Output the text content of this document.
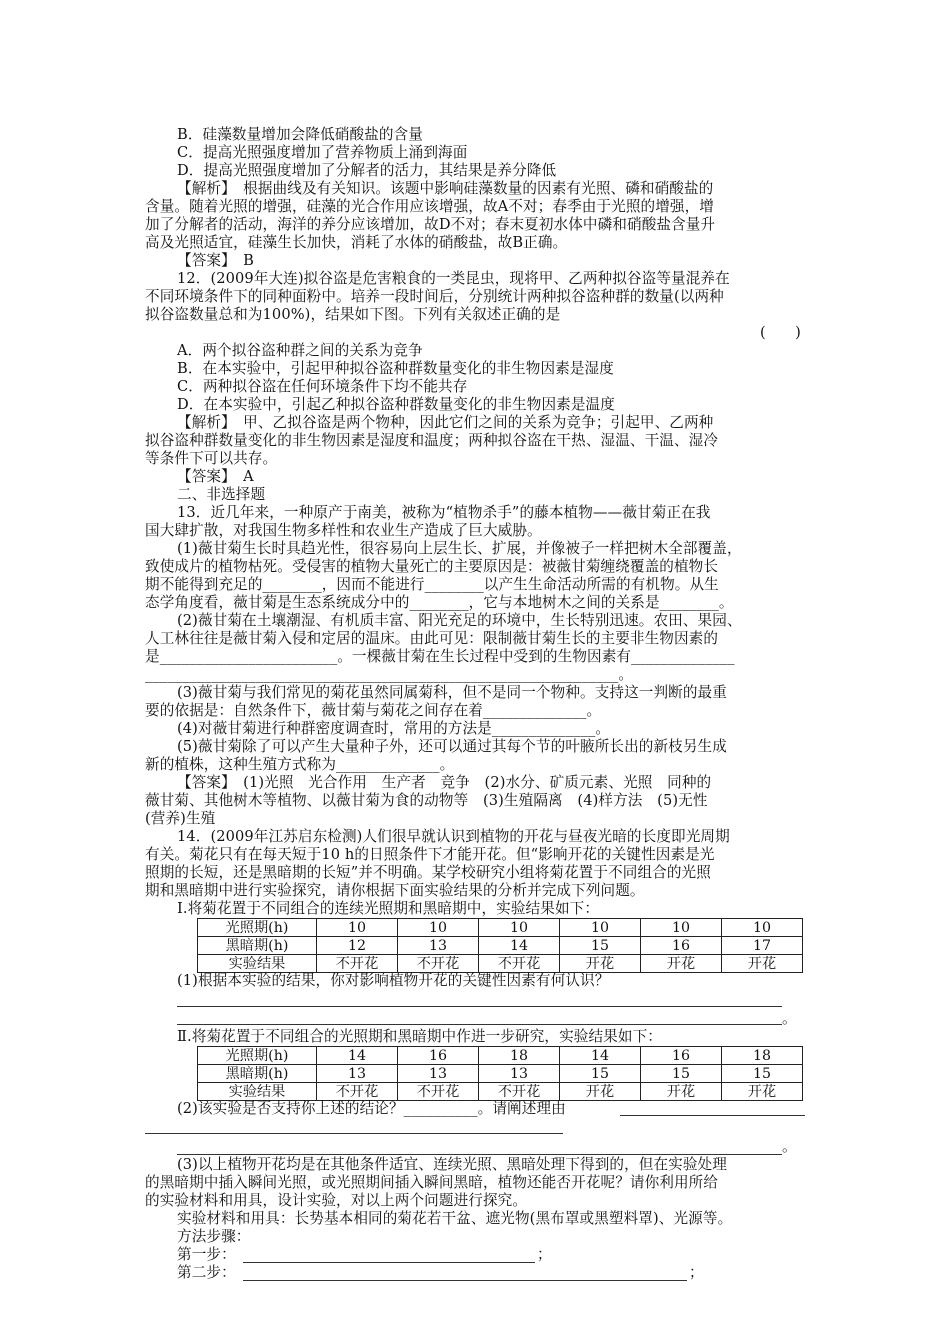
B．硅藻数量增加会降低硝酸盐的含量
C．提高光照强度增加了营养物质上涌到海面
D．提高光照强度增加了分解者的活力，其结果是养分降低
【解析】　根据曲线及有关知识。该题中影响硅藻数量的因素有光照、磷和硝酸盐的
含量。随着光照的增强，硅藻的光合作用应该增强，故A不对；春季由于光照的增强，增
加了分解者的活动，海洋的养分应该增加，故D不对；春末夏初水体中磷和硝酸盐含量升
高及光照适宜，硅藻生长加快，消耗了水体的硝酸盐，故B正确。
【答案】　B
12．(2009年大连)拟谷盗是危害粮食的一类昆虫，现将甲、乙两种拟谷盗等量混养在
不同环境条件下的同种面粉中。培养一段时间后，分别统计两种拟谷盗种群的数量(以两种
拟谷盗数量总和为100%)，结果如下图。下列有关叙述正确的是
(　　)
A．两个拟谷盗种群之间的关系为竞争
B．在本实验中，引起甲种拟谷盗种群数量变化的非生物因素是湿度
C．两种拟谷盗在任何环境条件下均不能共存
D．在本实验中，引起乙种拟谷盗种群数量变化的非生物因素是温度
【解析】　甲、乙拟谷盗是两个物种，因此它们之间的关系为竞争；引起甲、乙两种
拟谷盗种群数量变化的非生物因素是湿度和温度；两种拟谷盗在干热、湿温、干温、湿冷
等条件下可以共存。
【答案】　A
二、非选择题
13．近几年来，一种原产于南美，被称为“植物杀手”的藤本植物——薇甘菊正在我
国大肆扩散，对我国生物多样性和农业生产造成了巨大威胁。
(1)薇甘菊生长时具趋光性，很容易向上层生长、扩展，并像被子一样把树木全部覆盖，
致使成片的植物枯死。受侵害的植物大量死亡的主要原因是：被薇甘菊缠绕覆盖的植物长
期不能得到充足的________，因而不能进行________以产生生命活动所需的有机物。从生
态学角度看，薇甘菊是生态系统成分中的________，它与本地树木之间的关系是________。
(2)薇甘菊在土壤潮湿、有机质丰富、阳光充足的环境中，生长特别迅速。农田、果园、
人工林往往是薇甘菊入侵和定居的温床。由此可见：限制薇甘菊生长的主要非生物因素的
是________________________。一棵薇甘菊在生长过程中受到的生物因素有______________
________________________________________________________________。
(3)薇甘菊与我们常见的菊花虽然同属菊科，但不是同一个物种。支持这一判断的最重
要的依据是：自然条件下，薇甘菊与菊花之间存在着______________。
(4)对薇甘菊进行种群密度调查时，常用的方法是______________。
(5)薇甘菊除了可以产生大量种子外，还可以通过其每个节的叶腋所长出的新枝另生成
新的植株，这种生殖方式称为______________。
【答案】　(1)光照　光合作用　生产者　竞争　(2)水分、矿质元素、光照　同种的
薇甘菊、其他树木等植物、以薇甘菊为食的动物等　(3)生殖隔离　(4)样方法　(5)无性
(营养)生殖
14．(2009年江苏启东检测)人们很早就认识到植物的开花与昼夜光暗的长度即光周期
有关。菊花只有在每天短于10 h的日照条件下才能开花。但“影响开花的关键性因素是光
照期的长短，还是黑暗期的长短”并不明确。某学校研究小组将菊花置于不同组合的光照
期和黑暗期中进行实验探究，请你根据下面实验结果的分析并完成下列问题。
Ⅰ.将菊花置于不同组合的连续光照期和黑暗期中，实验结果如下：
光照期(h)	10	10	10	10	10	10
黑暗期(h)	12	13	14	15	16	17
实验结果	不开花	不开花	不开花	开花	开花	开花
(1)根据本实验的结果，你对影响植物开花的关键性因素有何认识？
。
Ⅱ.将菊花置于不同组合的光照期和黑暗期中作进一步研究，实验结果如下：
光照期(h)	14	16	18	14	16	18
黑暗期(h)	13	13	13	15	15	15
实验结果	不开花	不开花	不开花	开花	开花	开花
(2)该实验是否支持你上述的结论？__________。请阐述理由
。
(3)以上植物开花均是在其他条件适宜、连续光照、黑暗处理下得到的，但在实验处理
的黑暗期中插入瞬间光照，或光照期间插入瞬间黑暗，植物还能否开花呢？请你利用所给
的实验材料和用具，设计实验，对以上两个问题进行探究。
实验材料和用具：长势基本相同的菊花若干盆、遮光物(黑布罩或黑塑料罩)、光源等。
方法步骤：
第一步：	；
第二步：	；
